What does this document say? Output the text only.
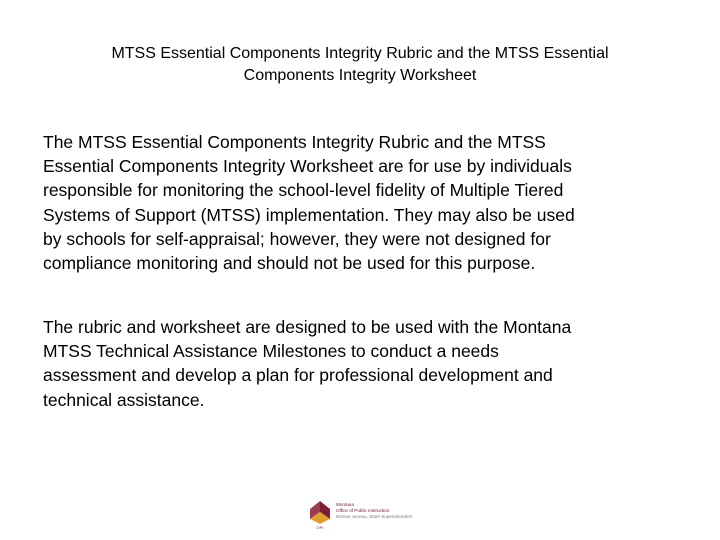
MTSS Essential Components Integrity Rubric and the MTSS Essential
Components Integrity Worksheet
The MTSS Essential Components Integrity Rubric and the MTSS
Essential Components Integrity Worksheet are for use by individuals
responsible for monitoring the school-level fidelity of Multiple Tiered
Systems of Support (MTSS) implementation. They may also be used
by schools for self-appraisal; however, they were not designed for
compliance monitoring and should not be used for this purpose.
The rubric and worksheet are designed to be used with the Montana
MTSS Technical Assistance Milestones to conduct a needs
assessment and develop a plan for professional development and
technical assistance.
OPI
Montana
Office of Public Instruction
Denise Juneau, State Superintendent
